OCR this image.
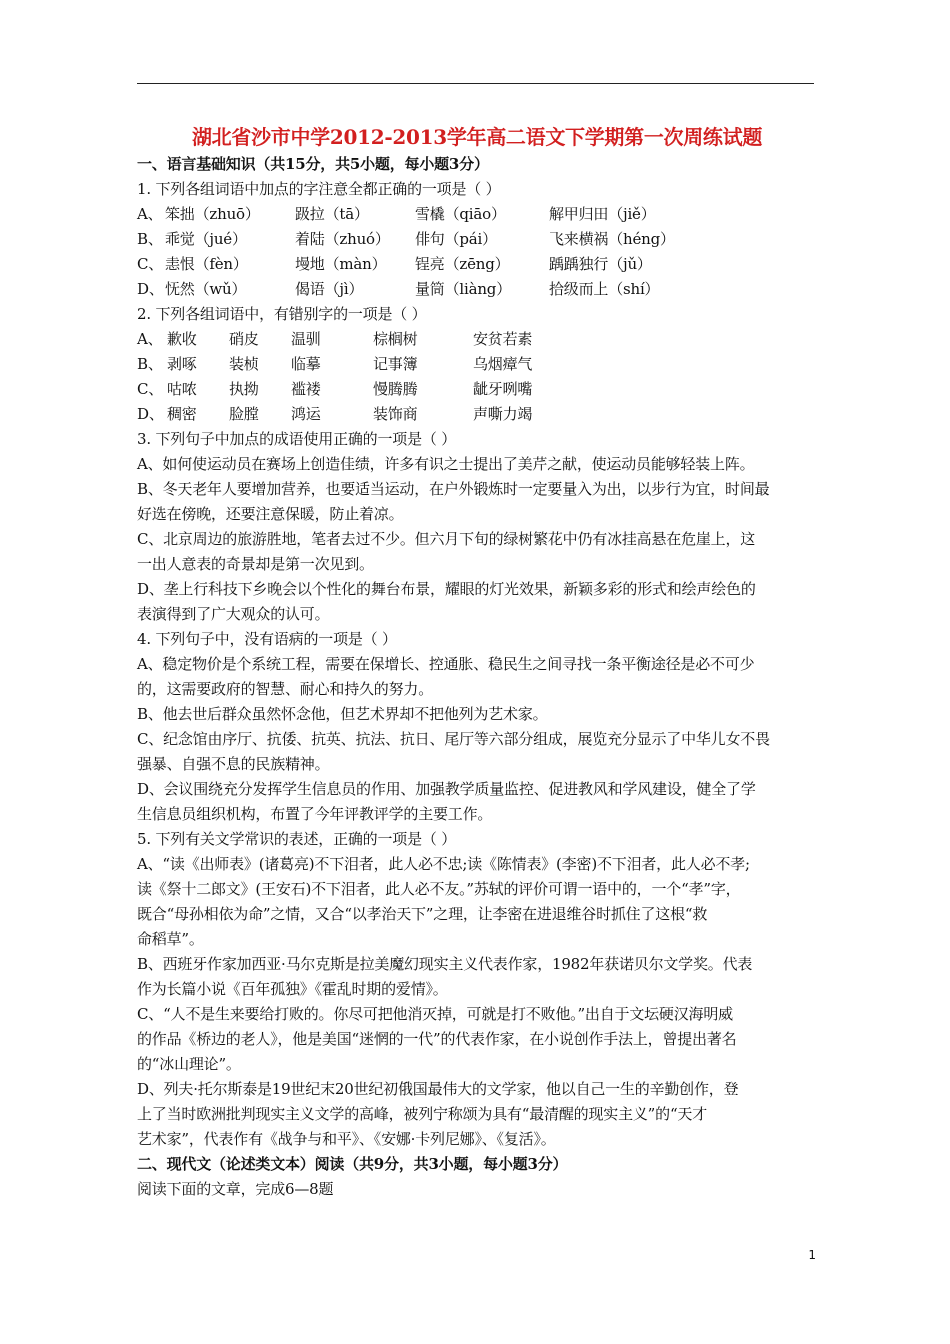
湖北省沙市中学2012-2013学年高二语文下学期第一次周练试题
一、语言基础知识（共15分，共5小题，每小题3分）
1. 下列各组词语中加点的字注意全都正确的一项是（ ）
A、 笨拙（zhuō）	趿拉（tā）	雪橇（qiāo）	解甲归田（jiě）
B、 乖觉（jué）	着陆（zhuó）	俳句（pái）	飞来横祸（héng）
C、 恚恨（fèn）	墁地（màn）	锃亮（zēng）	踽踽独行（jǔ）
D、 怃然（wǔ）	偈语（jì）	量筒（liàng）	拾级而上（shí）
2. 下列各组词语中，有错别字的一项是（ ）
A、 歉收	硝皮	温驯	棕榈树	安贫若素
B、 剥啄	装桢	临摹	记事簿	乌烟瘴气
C、 咕哝	执拗	褴褛	慢腾腾	龇牙咧嘴
D、 稠密	脸膛	鸿运	装饰商	声嘶力竭
3. 下列句子中加点的成语使用正确的一项是（ ）
A、如何使运动员在赛场上创造佳绩，许多有识之士提出了美芹之献，使运动员能够轻装上阵。
B、冬天老年人要增加营养，也要适当运动，在户外锻炼时一定要量入为出，以步行为宜，时间最
好选在傍晚，还要注意保暖，防止着凉。
C、北京周边的旅游胜地，笔者去过不少。但六月下旬的绿树繁花中仍有冰挂高悬在危崖上，这
一出人意表的奇景却是第一次见到。
D、垄上行科技下乡晚会以个性化的舞台布景，耀眼的灯光效果，新颖多彩的形式和绘声绘色的
表演得到了广大观众的认可。
4. 下列句子中，没有语病的一项是（ ）
A、稳定物价是个系统工程，需要在保增长、控通胀、稳民生之间寻找一条平衡途径是必不可少
的，这需要政府的智慧、耐心和持久的努力。
B、他去世后群众虽然怀念他，但艺术界却不把他列为艺术家。
C、纪念馆由序厅、抗倭、抗英、抗法、抗日、尾厅等六部分组成，展览充分显示了中华儿女不畏
强暴、自强不息的民族精神。
D、会议围绕充分发挥学生信息员的作用、加强教学质量监控、促进教风和学风建设，健全了学
生信息员组织机构，布置了今年评教评学的主要工作。
5. 下列有关文学常识的表述，正确的一项是（ ）
A、“读《出师表》(诸葛亮)不下泪者，此人必不忠;读《陈情表》(李密)不下泪者，此人必不孝;
读《祭十二郎文》(王安石)不下泪者，此人必不友。”苏轼的评价可谓一语中的，一个“孝”字，
既合“母孙相依为命”之情，又合“以孝治天下”之理，让李密在进退维谷时抓住了这根“救
命稻草”。
B、西班牙作家加西亚·马尔克斯是拉美魔幻现实主义代表作家，1982年获诺贝尔文学奖。代表
作为长篇小说《百年孤独》《霍乱时期的爱情》。
C、“人不是生来要给打败的。你尽可把他消灭掉，可就是打不败他。”出自于文坛硬汉海明威
的作品《桥边的老人》，他是美国“迷惘的一代”的代表作家，在小说创作手法上，曾提出著名
的“冰山理论”。
D、列夫·托尔斯泰是19世纪末20世纪初俄国最伟大的文学家，他以自己一生的辛勤创作，登
上了当时欧洲批判现实主义文学的高峰，被列宁称颂为具有“最清醒的现实主义”的“天才
艺术家”，代表作有《战争与和平》、《安娜·卡列尼娜》、《复活》。
二、现代文（论述类文本）阅读（共9分，共3小题，每小题3分）
阅读下面的文章，完成6—8题
1
